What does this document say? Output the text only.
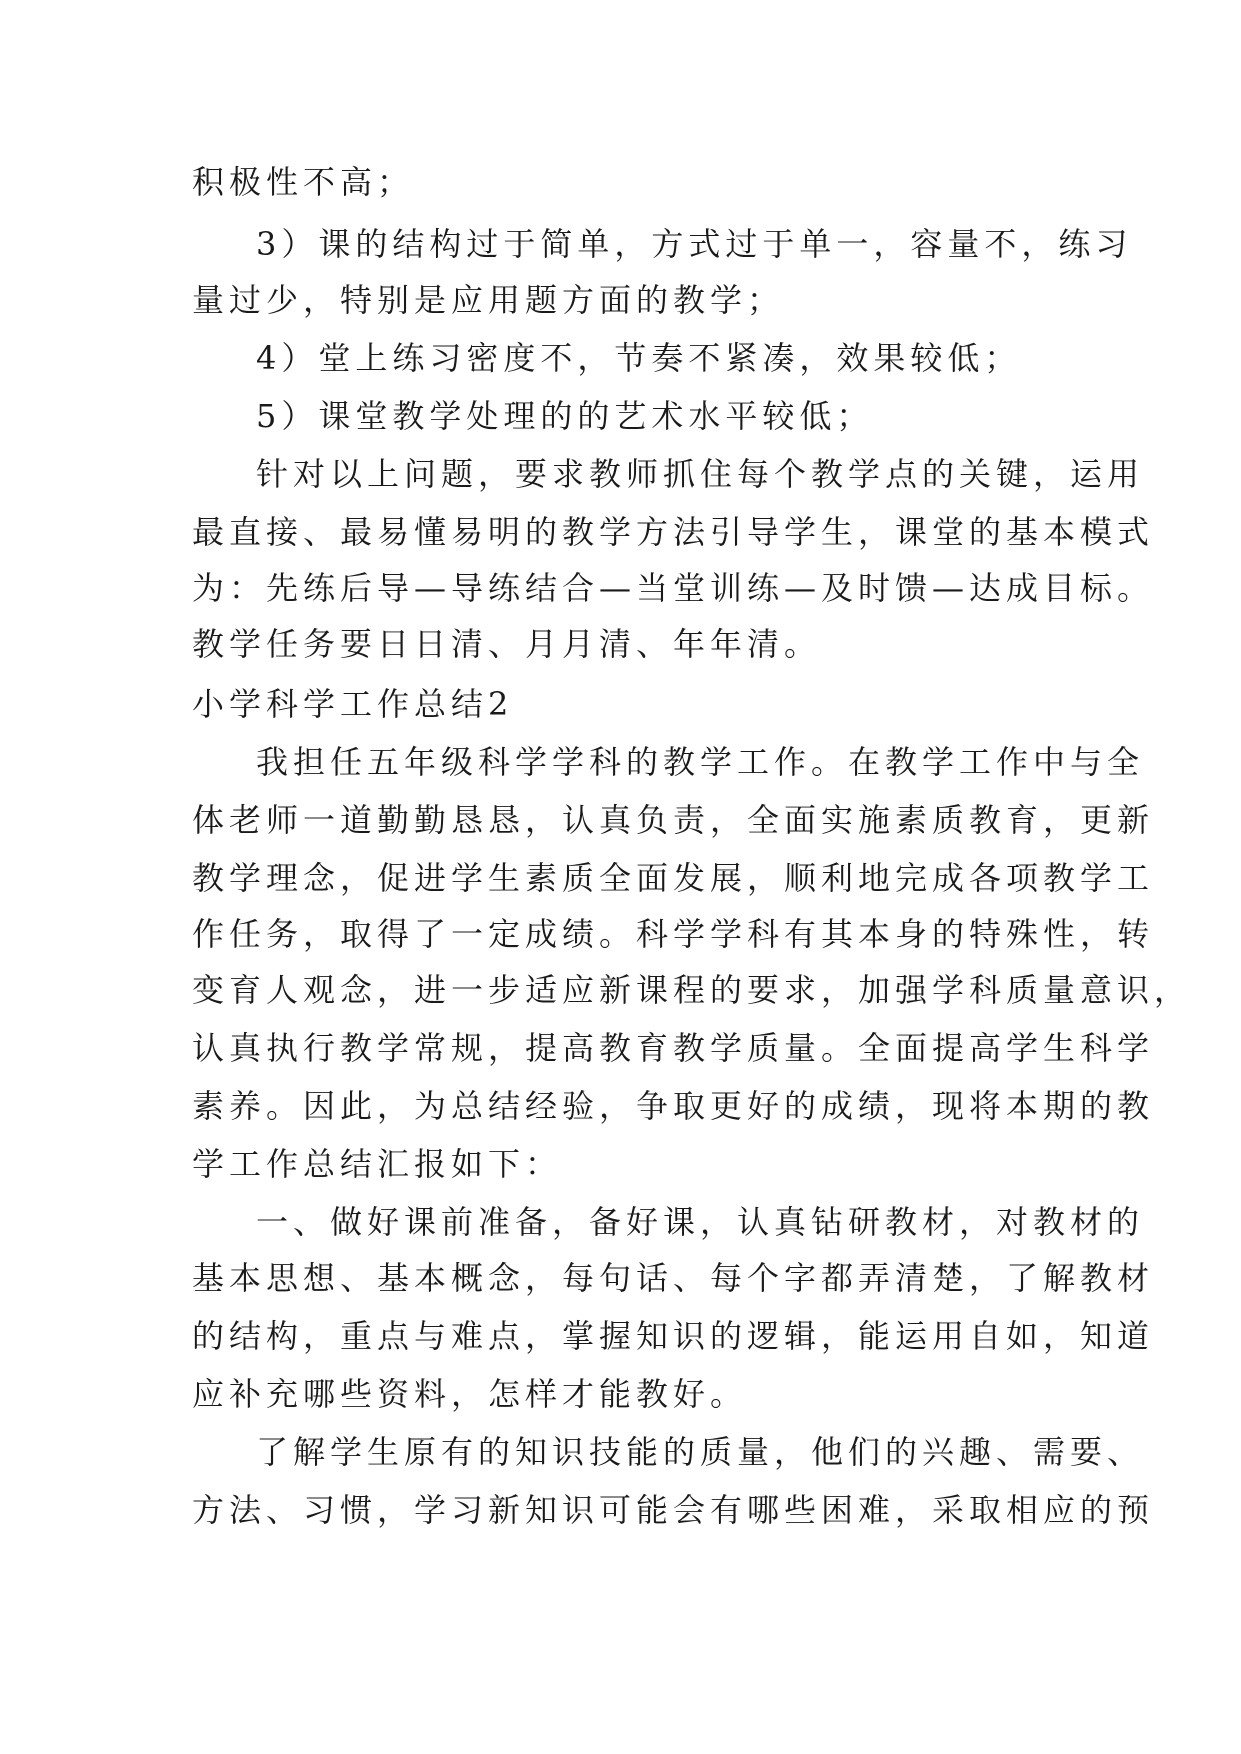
积极性不高；
3）课的结构过于简单，方式过于单一，容量不，练习
量过少，特别是应用题方面的教学；
4）堂上练习密度不，节奏不紧凑，效果较低；
5）课堂教学处理的的艺术水平较低；
针对以上问题，要求教师抓住每个教学点的关键，运用
最直接、最易懂易明的教学方法引导学生，课堂的基本模式
为：先练后导—导练结合—当堂训练—及时馈—达成目标。
教学任务要日日清、月月清、年年清。
小学科学工作总结2
我担任五年级科学学科的教学工作。在教学工作中与全
体老师一道勤勤恳恳，认真负责，全面实施素质教育，更新
教学理念，促进学生素质全面发展，顺利地完成各项教学工
作任务，取得了一定成绩。科学学科有其本身的特殊性，转
变育人观念，进一步适应新课程的要求，加强学科质量意识，
认真执行教学常规，提高教育教学质量。全面提高学生科学
素养。因此，为总结经验，争取更好的成绩，现将本期的教
学工作总结汇报如下：
一、做好课前准备，备好课，认真钻研教材，对教材的
基本思想、基本概念，每句话、每个字都弄清楚，了解教材
的结构，重点与难点，掌握知识的逻辑，能运用自如，知道
应补充哪些资料，怎样才能教好。
了解学生原有的知识技能的质量，他们的兴趣、需要、
方法、习惯，学习新知识可能会有哪些困难，采取相应的预
